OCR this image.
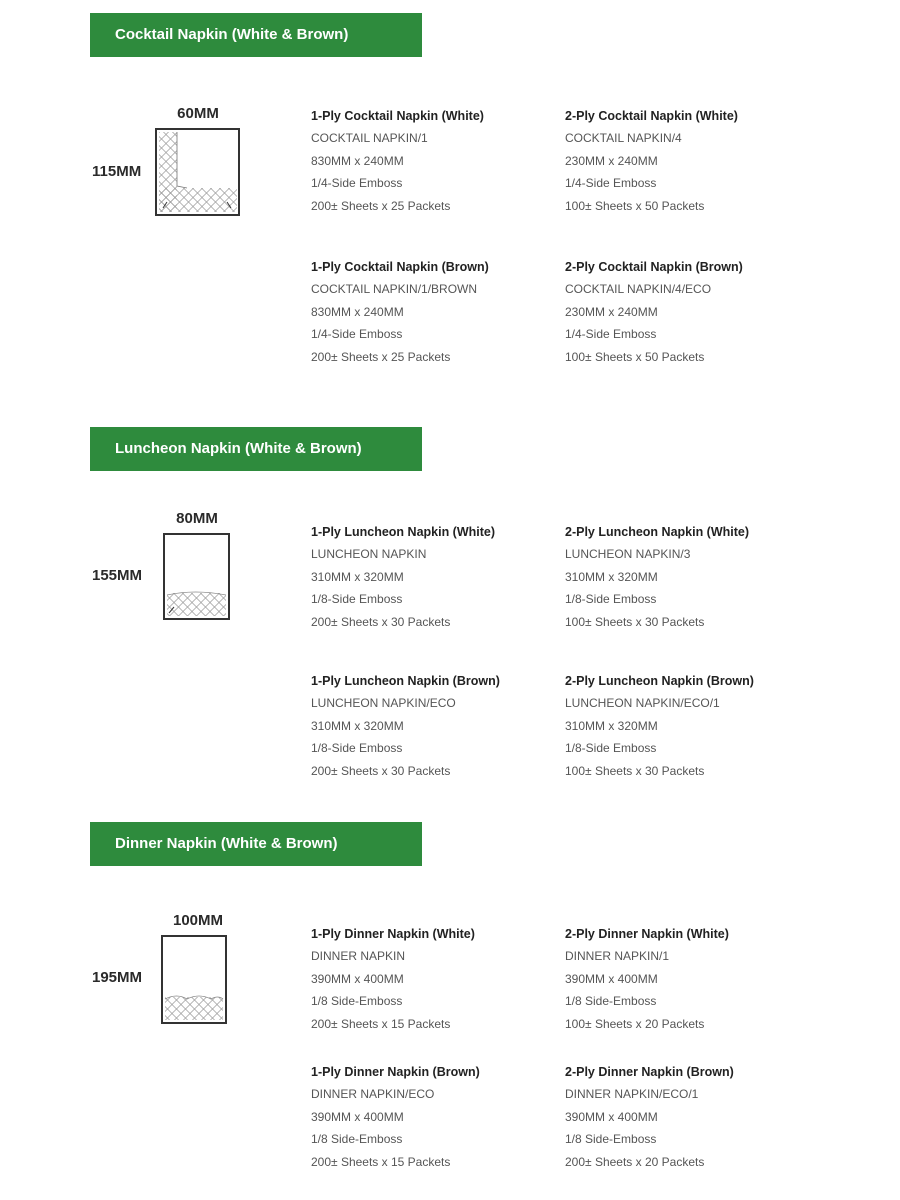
Cocktail Napkin (White & Brown)
60MM
115MM
1-Ply Cocktail Napkin (White)
COCKTAIL NAPKIN/1
830MM x 240MM
1/4-Side Emboss
200± Sheets x 25 Packets
2-Ply Cocktail Napkin (White)
COCKTAIL NAPKIN/4
230MM x 240MM
1/4-Side Emboss
100± Sheets x 50 Packets
1-Ply Cocktail Napkin (Brown)
COCKTAIL NAPKIN/1/BROWN
830MM x 240MM
1/4-Side Emboss
200± Sheets x 25 Packets
2-Ply Cocktail Napkin (Brown)
COCKTAIL NAPKIN/4/ECO
230MM x 240MM
1/4-Side Emboss
100± Sheets x 50 Packets
Luncheon Napkin (White & Brown)
80MM
155MM
1-Ply Luncheon Napkin (White)
LUNCHEON NAPKIN
310MM x 320MM
1/8-Side Emboss
200± Sheets x 30 Packets
2-Ply Luncheon Napkin (White)
LUNCHEON NAPKIN/3
310MM x 320MM
1/8-Side Emboss
100± Sheets x 30 Packets
1-Ply Luncheon Napkin (Brown)
LUNCHEON NAPKIN/ECO
310MM x 320MM
1/8-Side Emboss
200± Sheets x 30 Packets
2-Ply Luncheon Napkin (Brown)
LUNCHEON NAPKIN/ECO/1
310MM x 320MM
1/8-Side Emboss
100± Sheets x 30 Packets
Dinner Napkin (White & Brown)
100MM
195MM
1-Ply Dinner Napkin (White)
DINNER NAPKIN
390MM x 400MM
1/8 Side-Emboss
200± Sheets x 15 Packets
2-Ply Dinner Napkin (White)
DINNER NAPKIN/1
390MM x 400MM
1/8 Side-Emboss
100± Sheets x 20 Packets
1-Ply Dinner Napkin (Brown)
DINNER NAPKIN/ECO
390MM x 400MM
1/8 Side-Emboss
200± Sheets x 15 Packets
2-Ply Dinner Napkin (Brown)
DINNER NAPKIN/ECO/1
390MM x 400MM
1/8 Side-Emboss
200± Sheets x 20 Packets
